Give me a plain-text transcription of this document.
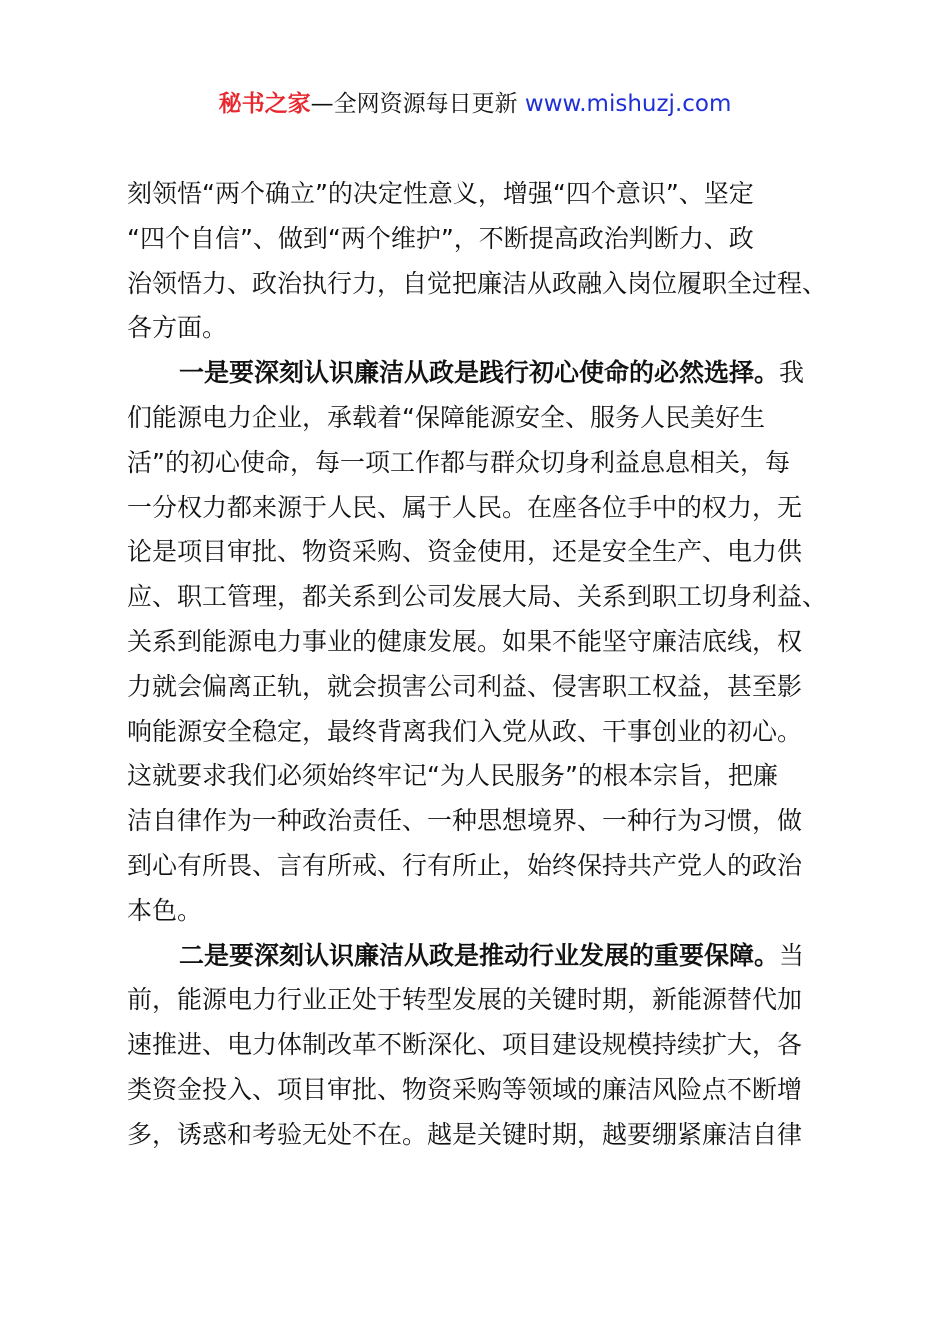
秘书之家—全网资源每日更新 www.mishuzj.com
刻领悟“两个确立”的决定性意义，增强“四个意识”、坚定
“四个自信”、做到“两个维护”，不断提高政治判断力、政
治领悟力、政治执行力，自觉把廉洁从政融入岗位履职全过程、
各方面。
一是要深刻认识廉洁从政是践行初心使命的必然选择。我
们能源电力企业，承载着“保障能源安全、服务人民美好生
活”的初心使命，每一项工作都与群众切身利益息息相关，每
一分权力都来源于人民、属于人民。在座各位手中的权力，无
论是项目审批、物资采购、资金使用，还是安全生产、电力供
应、职工管理，都关系到公司发展大局、关系到职工切身利益、
关系到能源电力事业的健康发展。如果不能坚守廉洁底线，权
力就会偏离正轨，就会损害公司利益、侵害职工权益，甚至影
响能源安全稳定，最终背离我们入党从政、干事创业的初心。
这就要求我们必须始终牢记“为人民服务”的根本宗旨，把廉
洁自律作为一种政治责任、一种思想境界、一种行为习惯，做
到心有所畏、言有所戒、行有所止，始终保持共产党人的政治
本色。
二是要深刻认识廉洁从政是推动行业发展的重要保障。当
前，能源电力行业正处于转型发展的关键时期，新能源替代加
速推进、电力体制改革不断深化、项目建设规模持续扩大，各
类资金投入、项目审批、物资采购等领域的廉洁风险点不断增
多，诱惑和考验无处不在。越是关键时期，越要绷紧廉洁自律
